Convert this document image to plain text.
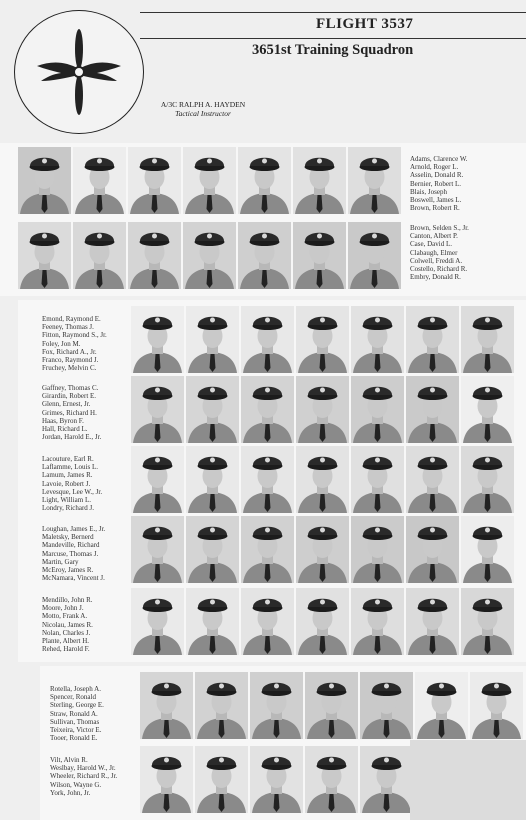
FLIGHT 3537
3651st Training Squadron
A/3C RALPH A. HAYDEN
Tactical Instructor
Adams, Clarence W.
Arnold, Roger L.
Asselin, Donald R.
Bernier, Robert L.
Blais, Joseph
Boswell, James L.
Brown, Robert R.
Brown, Selden S., Jr.
Canton, Albert P.
Case, David L.
Clabaugh, Elmer
Colwell, Freddi A.
Costello, Richard R.
Embry, Donald R.
Emond, Raymond E.
Feeney, Thomas J.
Fitton, Raymond S., Jr.
Foley, Jon M.
Fox, Richard A., Jr.
Franco, Raymond J.
Fruchey, Melvin C.
Gaffney, Thomas C.
Girardin, Robert E.
Glenn, Ernest, Jr.
Grimes, Richard H.
Haas, Byron F.
Hall, Richard L.
Jordan, Harold E., Jr.
Lacouture, Earl R.
Laflamme, Louis L.
Lamum, James R.
Lavoie, Robert J.
Levesque, Lee W., Jr.
Light, William L.
Londry, Richard J.
Loughan, James E., Jr.
Maletsky, Bernerd
Mandeville, Richard
Marcuse, Thomas J.
Martin, Gary
McEroy, James R.
McNamara, Vincent J.
Mendillo, John R.
Moore, John J.
Motto, Frank A.
Nicolau, James R.
Nolan, Charles J.
Plante, Albert H.
Rehed, Harold F.
Rotella, Joseph A.
Spencer, Ronald
Sterling, George E.
Straw, Ronald A.
Sullivan, Thomas
Teixeira, Victor E.
Tooer, Ronald E.
Vilt, Alvin R.
Weslbay, Harold W., Jr.
Wheeler, Richard R., Jr.
Wilson, Wayne G.
York, John, Jr.
